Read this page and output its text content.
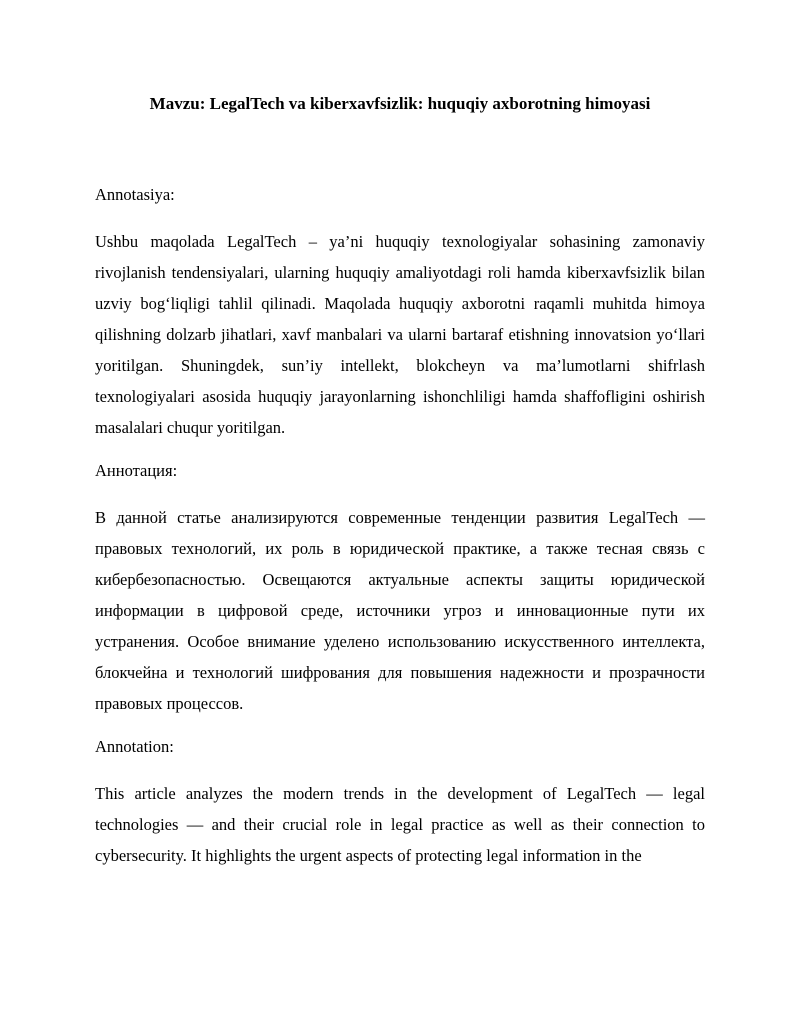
Mavzu: LegalTech va kiberxavfsizlik: huquqiy axborotning himoyasi

Annotasiya:

Ushbu maqolada LegalTech – ya’ni huquqiy texnologiyalar sohasining zamonaviy rivojlanish tendensiyalari, ularning huquqiy amaliyotdagi roli hamda kiberxavfsizlik bilan uzviy bog‘liqligi tahlil qilinadi. Maqolada huquqiy axborotni raqamli muhitda himoya qilishning dolzarb jihatlari, xavf manbalari va ularni bartaraf etishning innovatsion yo‘llari yoritilgan. Shuningdek, sun’iy intellekt, blokcheyn va ma’lumotlarni shifrlash texnologiyalari asosida huquqiy jarayonlarning ishonchliligi hamda shaffofligini oshirish masalalari chuqur yoritilgan.

Аннотация:

В данной статье анализируются современные тенденции развития LegalTech — правовых технологий, их роль в юридической практике, а также тесная связь с кибербезопасностью. Освещаются актуальные аспекты защиты юридической информации в цифровой среде, источники угроз и инновационные пути их устранения. Особое внимание уделено использованию искусственного интеллекта, блокчейна и технологий шифрования для повышения надежности и прозрачности правовых процессов.

Annotation:

This article analyzes the modern trends in the development of LegalTech — legal technologies — and their crucial role in legal practice as well as their connection to cybersecurity. It highlights the urgent aspects of protecting legal information in the
